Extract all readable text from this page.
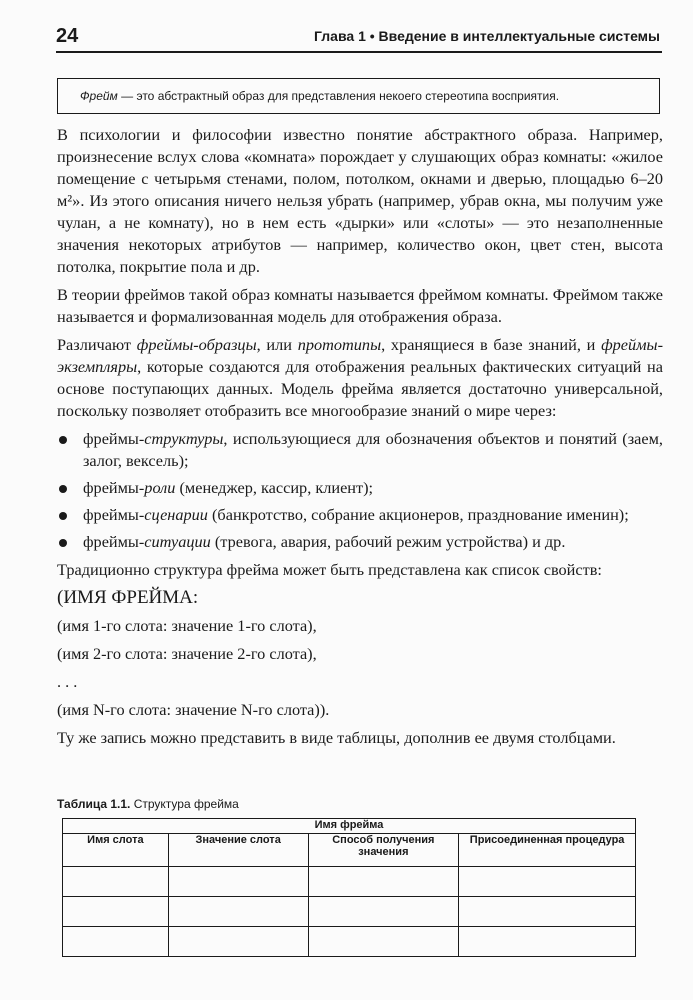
24	Глава 1 • Введение в интеллектуальные системы

Фрейм — это абстрактный образ для представления некоего стереотипа восприятия.

В психологии и философии известно понятие абстрактного образа. Например, произнесение вслух слова «комната» порождает у слушающих образ комнаты: «жилое помещение с четырьмя стенами, полом, потолком, окнами и дверью, площадью 6–20 м²». Из этого описания ничего нельзя убрать (например, убрав окна, мы получим уже чулан, а не комнату), но в нем есть «дырки» или «слоты» — это незаполненные значения некоторых атрибутов — например, количество окон, цвет стен, высота потолка, покрытие пола и др.

В теории фреймов такой образ комнаты называется фреймом комнаты. Фреймом также называется и формализованная модель для отображения образа.

Различают фреймы-образцы, или прототипы, хранящиеся в базе знаний, и фреймы-экземпляры, которые создаются для отображения реальных фактических ситуаций на основе поступающих данных. Модель фрейма является достаточно универсальной, поскольку позволяет отобразить все многообразие знаний о мире через:

фреймы-структуры, использующиеся для обозначения объектов и понятий (заем, залог, вексель);
фреймы-роли (менеджер, кассир, клиент);
фреймы-сценарии (банкротство, собрание акционеров, празднование именин);
фреймы-ситуации (тревога, авария, рабочий режим устройства) и др.

Традиционно структура фрейма может быть представлена как список свойств:

(ИМЯ ФРЕЙМА:

(имя 1-го слота: значение 1-го слота),

(имя 2-го слота: значение 2-го слота),

. . .

(имя N-го слота: значение N-го слота)).

Ту же запись можно представить в виде таблицы, дополнив ее двумя столбцами.

Таблица 1.1. Структура фрейма
Имя фрейма			
Имя слота	Значение слота	Способ получения значения	Присоединенная процедура
